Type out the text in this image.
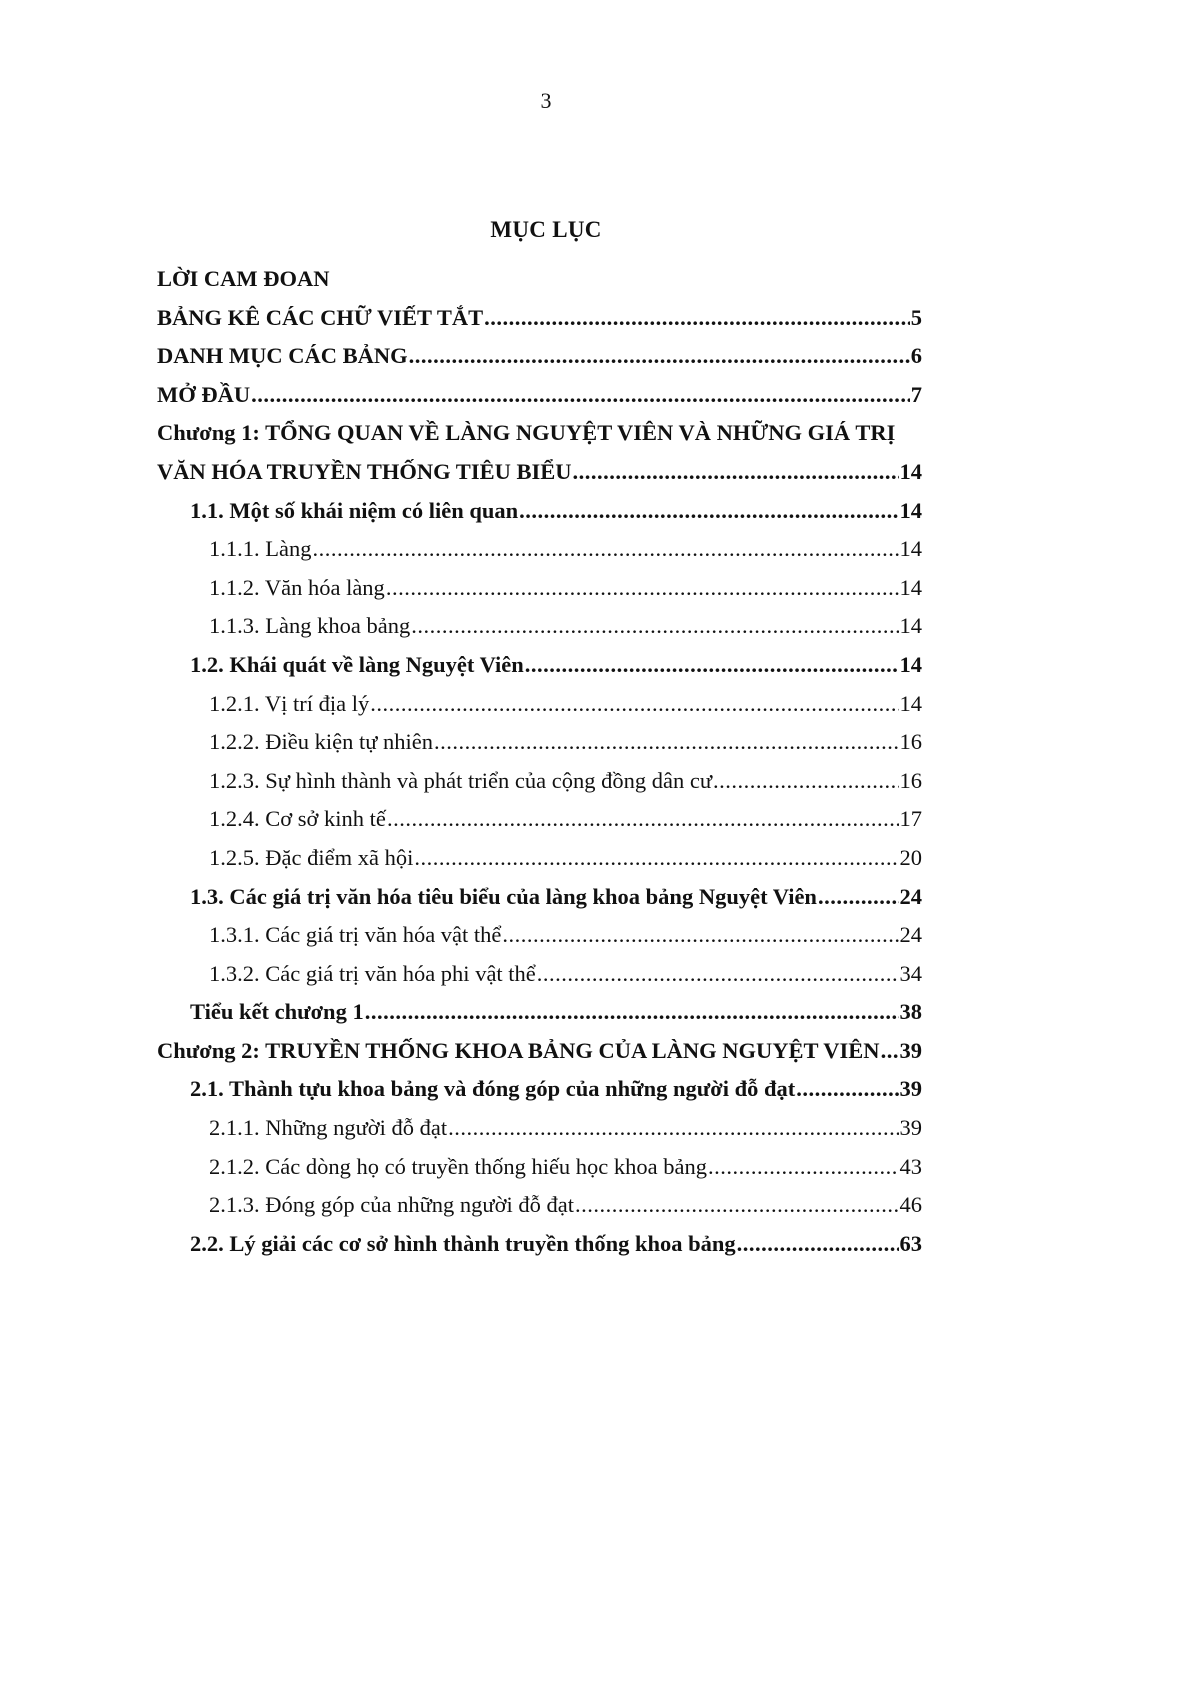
3
MỤC LỤC
LỜI CAM ĐOAN
BẢNG KÊ CÁC CHỮ VIẾT TẮT .....	5
DANH MỤC CÁC BẢNG .....	6
MỞ ĐẦU .....	7
Chương 1: TỔNG QUAN VỀ LÀNG NGUYỆT VIÊN VÀ NHỮNG GIÁ TRỊ
VĂN HÓA TRUYỀN THỐNG TIÊU BIỂU .....	14
1.1. Một số khái niệm có liên quan .....	14
1.1.1. Làng .....	14
1.1.2. Văn hóa làng .....	14
1.1.3. Làng khoa bảng .....	14
1.2. Khái quát về làng Nguyệt Viên .....	14
1.2.1. Vị trí địa lý .....	14
1.2.2. Điều kiện tự nhiên .....	16
1.2.3. Sự hình thành và phát triển của cộng đồng dân cư .....	16
1.2.4. Cơ sở kinh tế .....	17
1.2.5. Đặc điểm xã hội .....	20
1.3. Các giá trị văn hóa tiêu biểu của làng khoa bảng Nguyệt Viên .....	24
1.3.1. Các giá trị văn hóa vật thể .....	24
1.3.2. Các giá trị văn hóa phi vật thể .....	34
Tiểu kết chương 1 .....	38
Chương 2: TRUYỀN THỐNG KHOA BẢNG CỦA LÀNG NGUYỆT VIÊN ..... 39
2.1. Thành tựu khoa bảng và đóng góp của những người đỗ đạt .....	39
2.1.1. Những người đỗ đạt .....	39
2.1.2. Các dòng họ có truyền thống hiếu học khoa bảng .....	43
2.1.3. Đóng góp của những người đỗ đạt .....	46
2.2. Lý giải các cơ sở hình thành truyền thống khoa bảng .....	63
